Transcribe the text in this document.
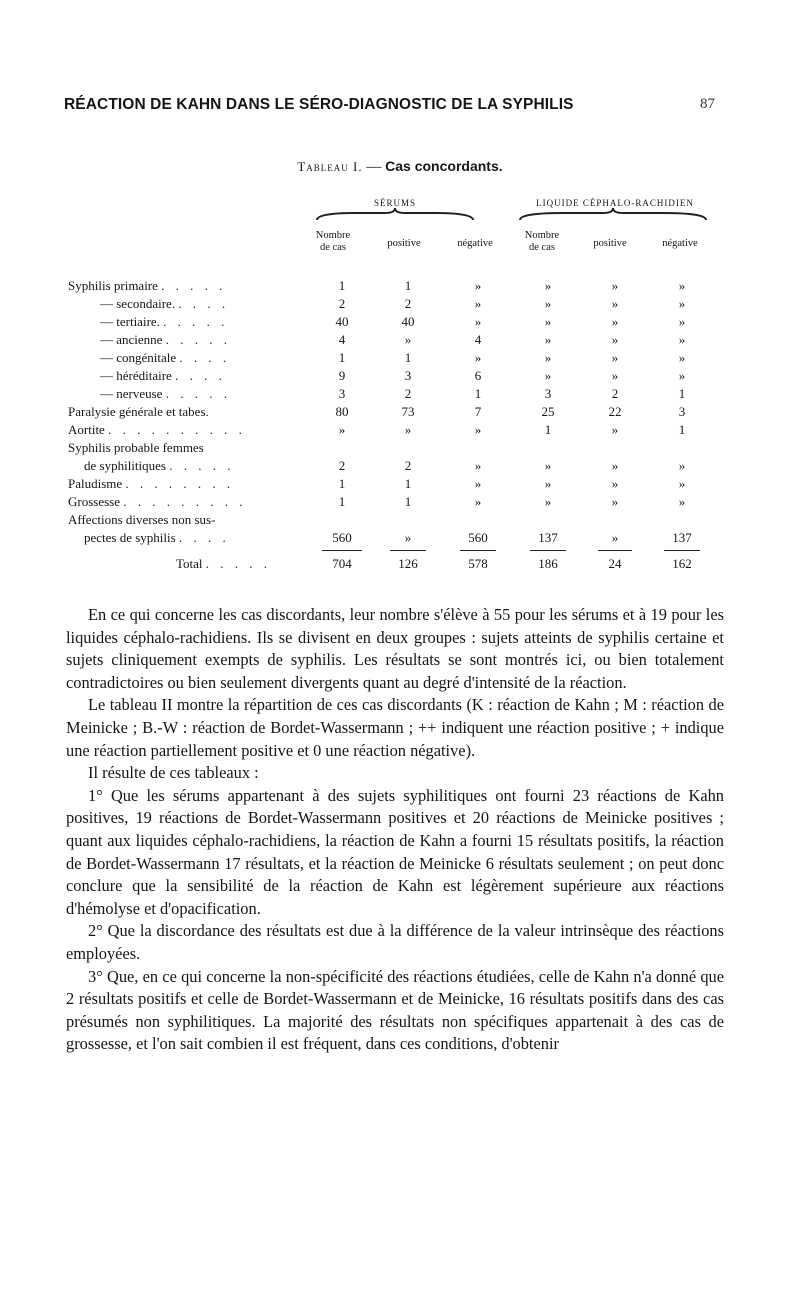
RÉACTION DE KAHN DANS LE SÉRO-DIAGNOSTIC DE LA SYPHILIS	87
Tableau I. — Cas concordants.
SÉRUMS	LIQUIDE CÉPHALO-RACHIDIEN
Nombre
de cas	positive	négative
Nombre
de cas	positive	négative
Syphilis primaire . . . . .	1	1	»	»	»	»
— secondaire. . . . .	2	2	»	»	»	»
— tertiaire. . . . . .	40	40	»	»	»	»
— ancienne . . . . .	4	»	4	»	»	»
— congénitale . . . .	1	1	»	»	»	»
— héréditaire . . . .	9	3	6	»	»	»
— nerveuse . . . . .	3	2	1	3	2	1
Paralysie générale et tabes.	80	73	7	25	22	3
Aortite . . . . . . . . . .	»	»	»	1	»	1
Syphilis probable femmes
de syphilitiques . . . . .	2	2	»	»	»	»
Paludisme . . . . . . . .	1	1	»	»	»	»
Grossesse . . . . . . . . .	1	1	»	»	»	»
Affections diverses non sus-
pectes de syphilis . . . .	560	»	560	137	»	137
Total . . . . .	704	126	578	186	24	162

En ce qui concerne les cas discordants, leur nombre s'élève à 55 pour les sérums et à 19 pour les liquides céphalo-rachidiens. Ils se divisent en deux groupes : sujets atteints de syphilis certaine et sujets cliniquement exempts de syphilis. Les résultats se sont montrés ici, ou bien totalement contradictoires ou bien seulement divergents quant au degré d'intensité de la réaction.

Le tableau II montre la répartition de ces cas discordants (K : réaction de Kahn ; M : réaction de Meinicke ; B.-W : réaction de Bordet-Wassermann ; ++ indiquent une réaction positive ; + indique une réaction partiellement positive et 0 une réaction négative).

Il résulte de ces tableaux :

1° Que les sérums appartenant à des sujets syphilitiques ont fourni 23 réactions de Kahn positives, 19 réactions de Bordet-Wassermann positives et 20 réactions de Meinicke positives ; quant aux liquides céphalo-rachidiens, la réaction de Kahn a fourni 15 résultats positifs, la réaction de Bordet-Wassermann 17 résultats, et la réaction de Meinicke 6 résultats seulement ; on peut donc conclure que la sensibilité de la réaction de Kahn est légèrement supérieure aux réactions d'hémolyse et d'opacification.

2° Que la discordance des résultats est due à la différence de la valeur intrinsèque des réactions employées.

3° Que, en ce qui concerne la non-spécificité des réactions étudiées, celle de Kahn n'a donné que 2 résultats positifs et celle de Bordet-Wassermann et de Meinicke, 16 résultats positifs dans des cas présumés non syphilitiques. La majorité des résultats non spécifiques appartenait à des cas de grossesse, et l'on sait combien il est fréquent, dans ces conditions, d'obtenir
